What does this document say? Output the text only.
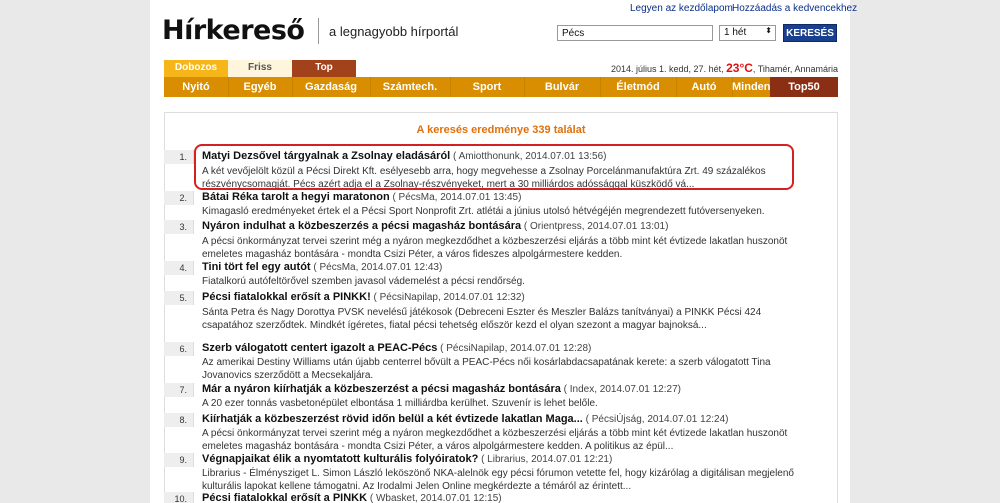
Hírkereső a legnagyobb hírportál
Legyen az kezdőlapom Hozzáadás a kedvencekhez
Pécs
1 hét ⬍	KERESÉS
2014. július 1. kedd, 27. hét, 23°C, Tihamér, Annamária
Dobozos	Friss	Top
Nyitó	Egyéb	Gazdaság	Számtech.	Sport	Bulvár	Életmód	Autó	Minden	Top50
A keresés eredménye 339 találat
1.	Matyi Dezsővel tárgyalnak a Zsolnay eladásáról ( Amiotthonunk, 2014.07.01 13:56)
A két vevőjelölt közül a Pécsi Direkt Kft. esélyesebb arra, hogy megvehesse a Zsolnay Porcelánmanufaktúra Zrt. 49 százalékos részvénycsomagját. Pécs azért adja el a Zsolnay-részvényeket, mert a 30 milliárdos adóssággal küszködő vá...
2.	Bátai Réka tarolt a hegyi maratonon ( PécsMa, 2014.07.01 13:45)
Kimagasló eredményeket értek el a Pécsi Sport Nonprofit Zrt. atlétái a június utolsó hétvégéjén megrendezett futóversenyeken.
3.	Nyáron indulhat a közbeszerzés a pécsi magasház bontására ( Orientpress, 2014.07.01 13:01)
A pécsi önkormányzat tervei szerint még a nyáron megkezdődhet a közbeszerzési eljárás a több mint két évtizede lakatlan huszonöt emeletes magasház bontására - mondta Csizi Péter, a város fideszes alpolgármestere kedden.
4.	Tini tört fel egy autót ( PécsMa, 2014.07.01 12:43)
Fiatalkorú autófeltörővel szemben javasol vádemelést a pécsi rendőrség.
5.	Pécsi fiatalokkal erősít a PINKK! ( PécsiNapilap, 2014.07.01 12:32)
Sánta Petra és Nagy Dorottya PVSK nevelésű játékosok (Debreceni Eszter és Meszler Balázs tanítványai) a PINKK Pécsi 424 csapatához szerződtek. Mindkét ígéretes, fiatal pécsi tehetség először kezd el olyan szezont a magyar bajnoksá...
6.	Szerb válogatott centert igazolt a PEAC-Pécs ( PécsiNapilap, 2014.07.01 12:28)
Az amerikai Destiny Williams után újabb centerrel bővült a PEAC-Pécs női kosárlabdacsapatának kerete: a szerb válogatott Tina Jovanovics szerződött a Mecsekaljára.
7.	Már a nyáron kiírhatják a közbeszerzést a pécsi magasház bontására ( Index, 2014.07.01 12:27)
A 20 ezer tonnás vasbetonépület elbontása 1 milliárdba kerülhet. Szuvenír is lehet belőle.
8.	Kiírhatják a közbeszerzést rövid időn belül a két évtizede lakatlan Maga... ( PécsiÚjság, 2014.07.01 12:24)
A pécsi önkormányzat tervei szerint még a nyáron megkezdődhet a közbeszerzési eljárás a több mint két évtizede lakatlan huszonöt emeletes magasház bontására - mondta Csizi Péter, a város alpolgármestere kedden. A politikus az épül...
9.	Végnapjaikat élik a nyomtatott kulturális folyóiratok? ( Librarius, 2014.07.01 12:21)
Librarius - Élménysziget L. Simon László leköszönő NKA-alelnök egy pécsi fórumon vetette fel, hogy kizárólag a digitálisan megjelenő kulturális lapokat kellene támogatni. Az Irodalmi Jelen Online megkérdezte a témáról az érintett...
10.	Pécsi fiatalokkal erősít a PINKK ( Wbasket, 2014.07.01 12:15)
